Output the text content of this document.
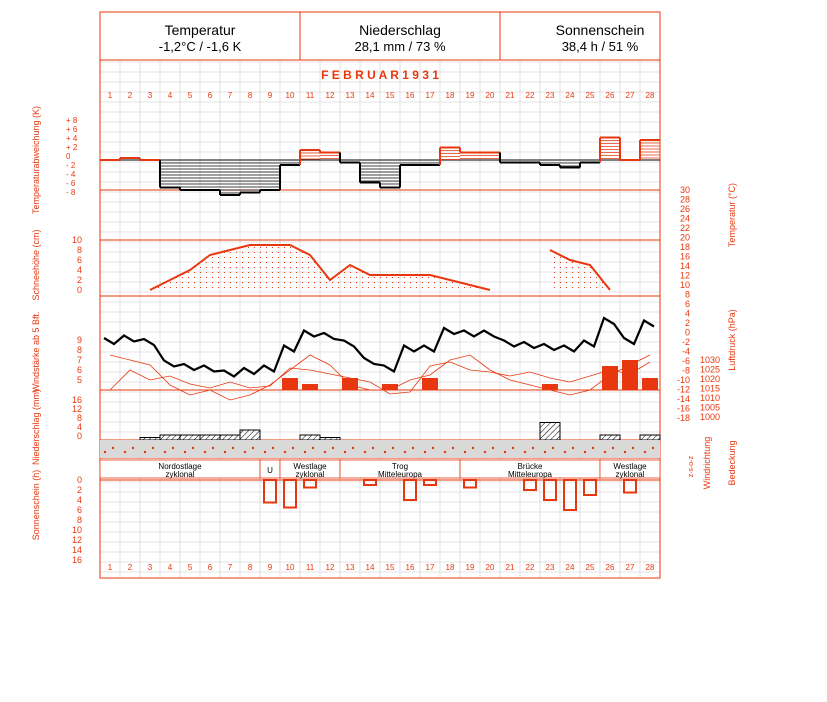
Temperatur
-1,2°C / -1,6 K
Niederschlag
28,1 mm / 73 %
Sonnenschein
38,4 h / 51 %
F E B R U A R 1 9 3 1
1
1
2
2
3
3
4
4
5
5
6
6
7
7
8
8
9
9
10
10
11
11
12
12
13
13
14
14
15
15
16
16
17
17
18
18
19
19
20
20
21
21
22
22
23
23
24
24
25
25
26
26
27
27
28
28
Temperaturabweichung (K)
Schneehöhe (cm)
Windstärke ab 5 Bft.
Niederschlag (mm)
Sonnenschein (h)
Temperatur (°C)
Luftdruck (hPa)
Windrichtung Bedeckung
z-o-s-z
+ 8
+ 6
+ 4
+ 2
0
- 2
- 4
- 6
- 8
10
8
6
4
2
0
9
8
7
6
5
16
12
8
4
0
0
2
4
6
8
10
12
14
16
30
28
26
24
22
20
18
16
14
12
10
8
6
4
2
0
-2
-4
-6
-8
-10
-12
-14
-16
-18
1030
1025
1020
1015
1010
1005
1000
Nordostlage
zyklonal	U	Westlage
zyklonal
Trog
Mitteleuropa
Brücke
Mitteleuropa
Westlage
zyklonal
